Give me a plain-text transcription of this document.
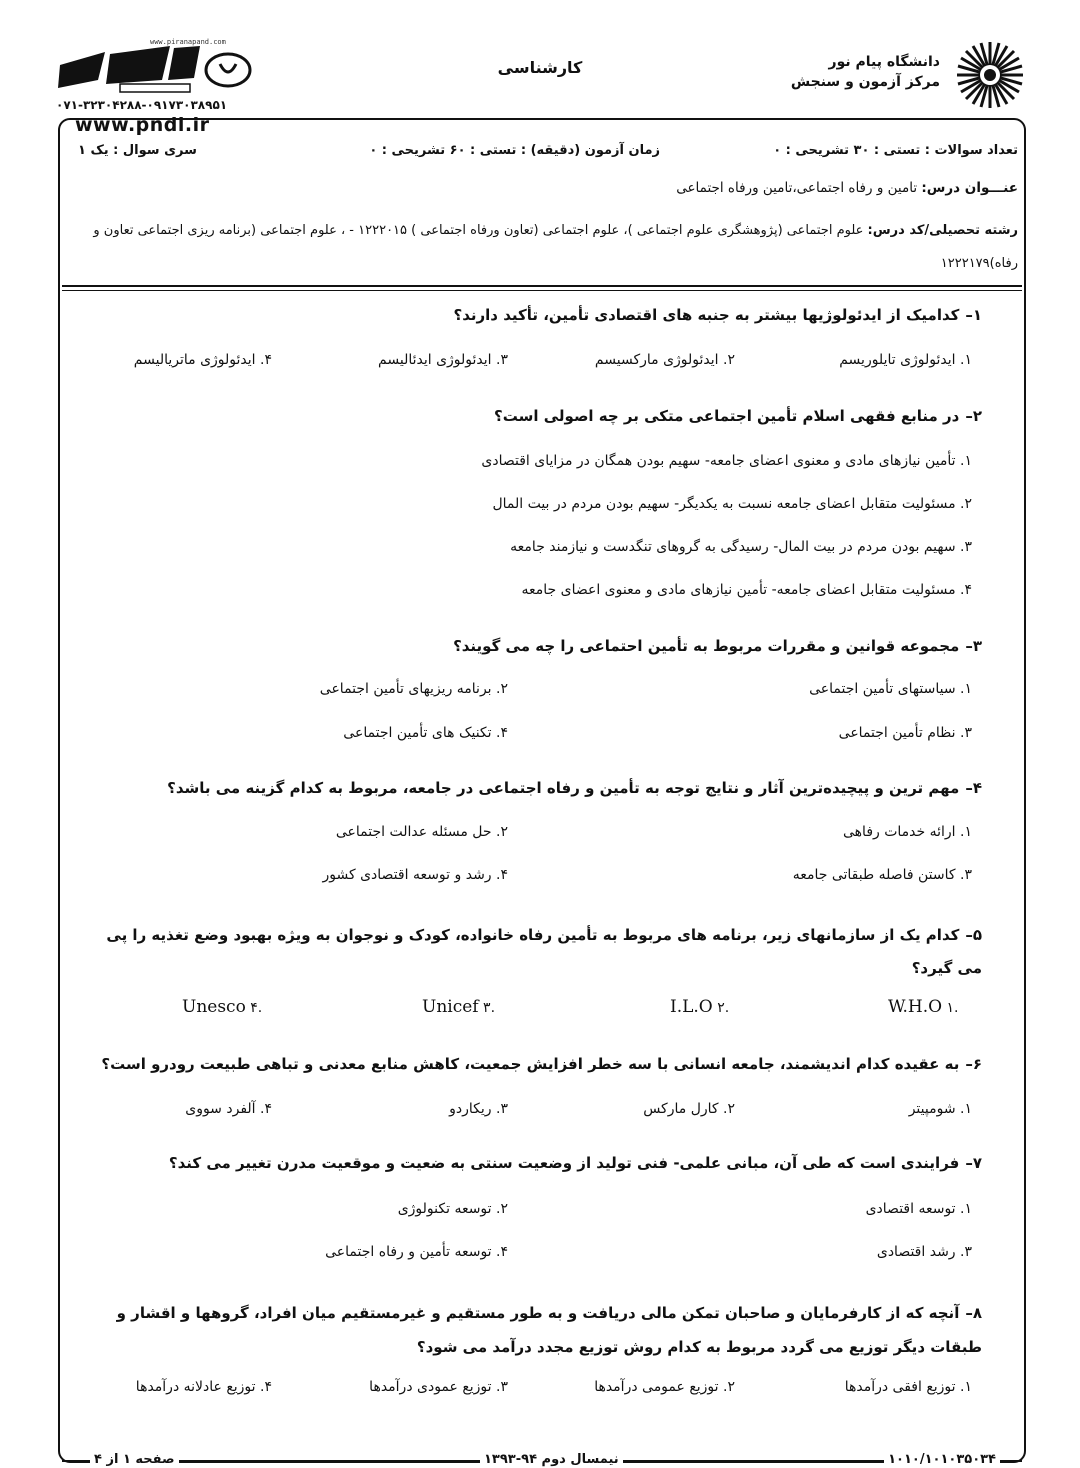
دانشگاه پیام نور
مرکز آزمون و سنجش
کارشناسی
www.piranapand.com
۰۷۱-۳۲۳۰۴۲۸۸-۰۹۱۷۳۰۳۸۹۵۱
www.pndl.ir
تعداد سوالات : تستی : ۳۰ تشریحی : ۰
زمان آزمون (دقیقه) : تستی : ۶۰ تشریحی : ۰
سری سوال : یک ۱
عنـــوان درس: تامین و رفاه اجتماعی،تامین ورفاه اجتماعی
رشته تحصیلی/کد درس: علوم اجتماعی (پژوهشگری علوم اجتماعی )، علوم اجتماعی (تعاون ورفاه اجتماعی ) ۱۲۲۲۰۱۵ - ، علوم اجتماعی (برنامه ریزی اجتماعی تعاون و رفاه)۱۲۲۲۱۷۹
۱–کدامیک از ایدئولوژیها بیشتر به جنبه های اقتصادی تأمین، تأکید دارند؟
۱. ایدئولوژی تایلوریسم
۲. ایدئولوژی مارکسیسم
۳. ایدئولوژی ایدئالیسم
۴. ایدئولوژی ماتریالیسم
۲–در منابع فقهی اسلام تأمین اجتماعی متکی بر چه اصولی است؟
۱. تأمین نیازهای مادی و معنوی اعضای جامعه- سهیم بودن همگان در مزایای اقتصادی
۲. مسئولیت متقابل اعضای جامعه نسبت به یکدیگر- سهیم بودن مردم در بیت المال
۳. سهیم بودن مردم در بیت المال- رسیدگی به گروهای تنگدست و نیازمند جامعه
۴. مسئولیت متقابل اعضای جامعه- تأمین نیازهای مادی و معنوی اعضای جامعه
۳–مجموعه قوانین و مقررات مربوط به تأمین احتماعی را چه می گویند؟
۱. سیاستهای تأمین اجتماعی
۲. برنامه ریزیهای تأمین اجتماعی
۳. نظام تأمین اجتماعی
۴. تکنیک های تأمین اجتماعی
۴–مهم ترین و پیچیده‌ترین آثار و نتایج توجه به تأمین و رفاه اجتماعی در جامعه، مربوط به کدام گزینه می باشد؟
۱. ارائه خدمات رفاهی
۲. حل مسئله عدالت اجتماعی
۳. کاستن فاصله طبقاتی جامعه
۴. رشد و توسعه اقتصادی کشور
۵–کدام یک از سازمانهای زیر، برنامه های مربوط به تأمین رفاه خانواده، کودک و نوجوان به ویژه بهبود وضع تغذیه را پی می گیرد؟
W.H.O ۱.
I.L.O ۲.
Unicef ۳.
Unesco ۴.
۶–به عقیده کدام اندیشمند، جامعه انسانی با سه خطر افزایش جمعیت، کاهش منابع معدنی و تباهی طبیعت رودرو است؟
۱. شومپیتر
۲. کارل مارکس
۳. ریکاردو
۴. آلفرد سووی
۷–فرایندی است که طی آن، مبانی علمی- فنی تولید از وضعیت سنتی به ضعیت و موقعیت مدرن تغییر می کند؟
۱. توسعه اقتصادی
۲. توسعه تکنولوژی
۳. رشد اقتصادی
۴. توسعه تأمین و رفاه اجتماعی
۸–آنچه که از کارفرمایان و صاحبان تمکن مالی دریافت و به طور مستقیم و غیرمستقیم میان افراد، گروهها و اقشار و طبقات دیگر توزیع می گردد مربوط به کدام روش توزیع مجدد درآمد می شود؟
۱. توزیع افقی درآمدها
۲. توزیع عمومی درآمدها
۳. توزیع عمودی درآمدها
۴. توزیع عادلانه درآمدها
۱۰۱۰/۱۰۱۰۳۵۰۳۴
نیمسال دوم ۹۴-۱۳۹۳
صفحه ۱ از ۴
